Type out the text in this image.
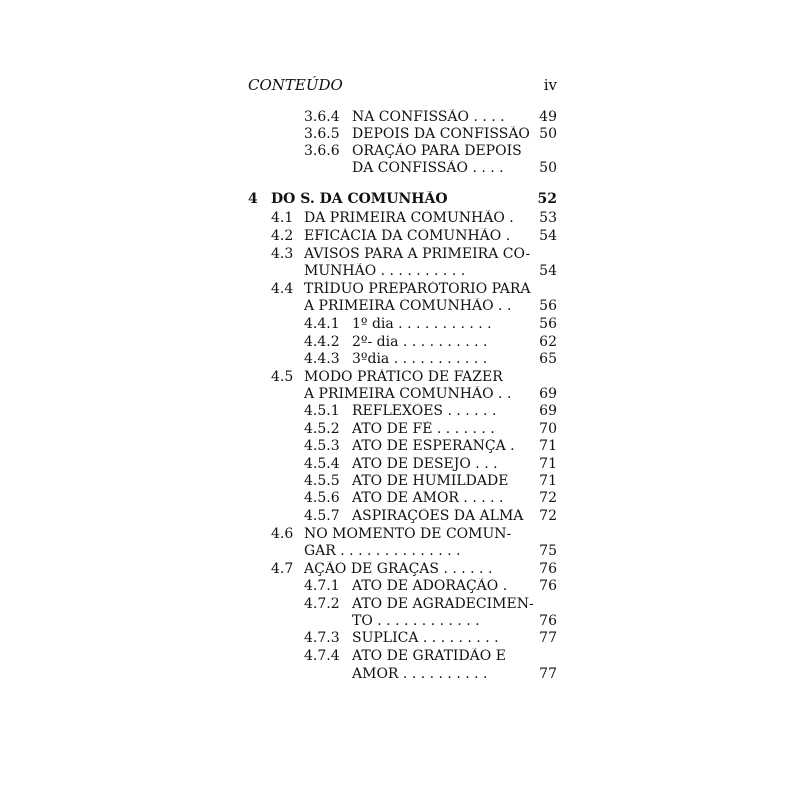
CONTEÚDO	iv
3.6.4 NA CONFISSÃO . . . .	49
3.6.5 DEPOIS DA CONFISSÃO 50
3.6.6 ORAÇÃO PARA DEPOIS
DA CONFISSÃO . . . .	50
4 DO S. DA COMUNHÃO	52
4.1 DA PRIMEIRA COMUNHÃO .	53
4.2 EFICÁCIA DA COMUNHÃO .	54
4.3 AVISOS PARA A PRIMEIRA CO-
MUNHÃO . . . . . . . . . .	54
4.4 TRÍDUO PREPARÓTORIO PARA
A PRIMEIRA COMUNHÃO . .	56
4.4.1 1º dia . . . . . . . . . . .	56
4.4.2 2º- dia . . . . . . . . . .	62
4.4.3 3ºdia . . . . . . . . . . .	65
4.5 MODO PRÁTICO DE FAZER
A PRIMEIRA COMUNHÃO . .	69
4.5.1 REFLEXÕES . . . . . .	69
4.5.2 ATO DE FÉ . . . . . . .	70
4.5.3 ATO DE ESPERANÇA .	71
4.5.4 ATO DE DESEJO . . .	71
4.5.5 ATO DE HUMILDADE	71
4.5.6 ATO DE AMOR . . . . .	72
4.5.7 ASPIRAÇÕES DA ALMA	72
4.6 NO MOMENTO DE COMUN-
GAR . . . . . . . . . . . . . .	75
4.7 AÇÃO DE GRAÇAS . . . . . .	76
4.7.1 ATO DE ADORAÇÃO .	76
4.7.2 ATO DE AGRADECIMEN-
TO . . . . . . . . . . . .	76
4.7.3 SUPLICA . . . . . . . . .	77
4.7.4 ATO DE GRATIDÃO E
AMOR . . . . . . . . . .	77
